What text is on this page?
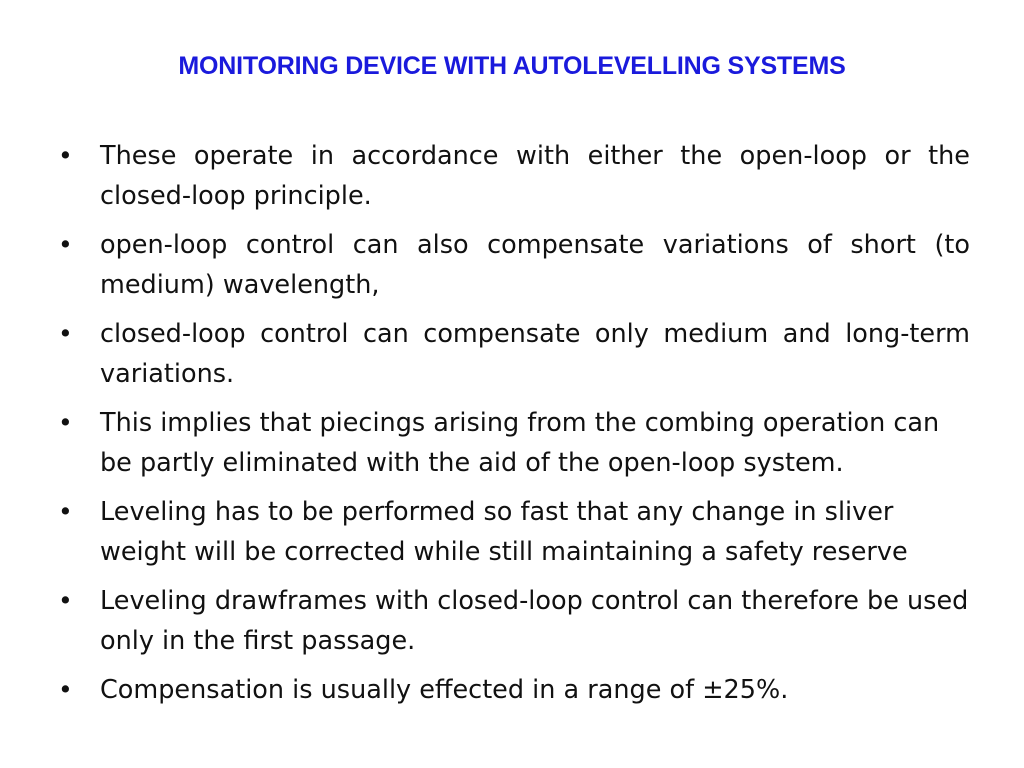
MONITORING DEVICE WITH AUTOLEVELLING SYSTEMS
• These operate in accordance with either the open-loop or the closed-loop principle.
• open-loop control can also compensate variations of short (to medium) wavelength,
• closed-loop control can compensate only medium and long-term variations.
• This implies that piecings arising from the combing operation can be partly eliminated with the aid of the open-loop system.
• Leveling has to be performed so fast that any change in sliver weight will be corrected while still maintaining a safety reserve
• Leveling drawframes with closed-loop control can therefore be used only in the first passage.
• Compensation is usually effected in a range of ±25%.
